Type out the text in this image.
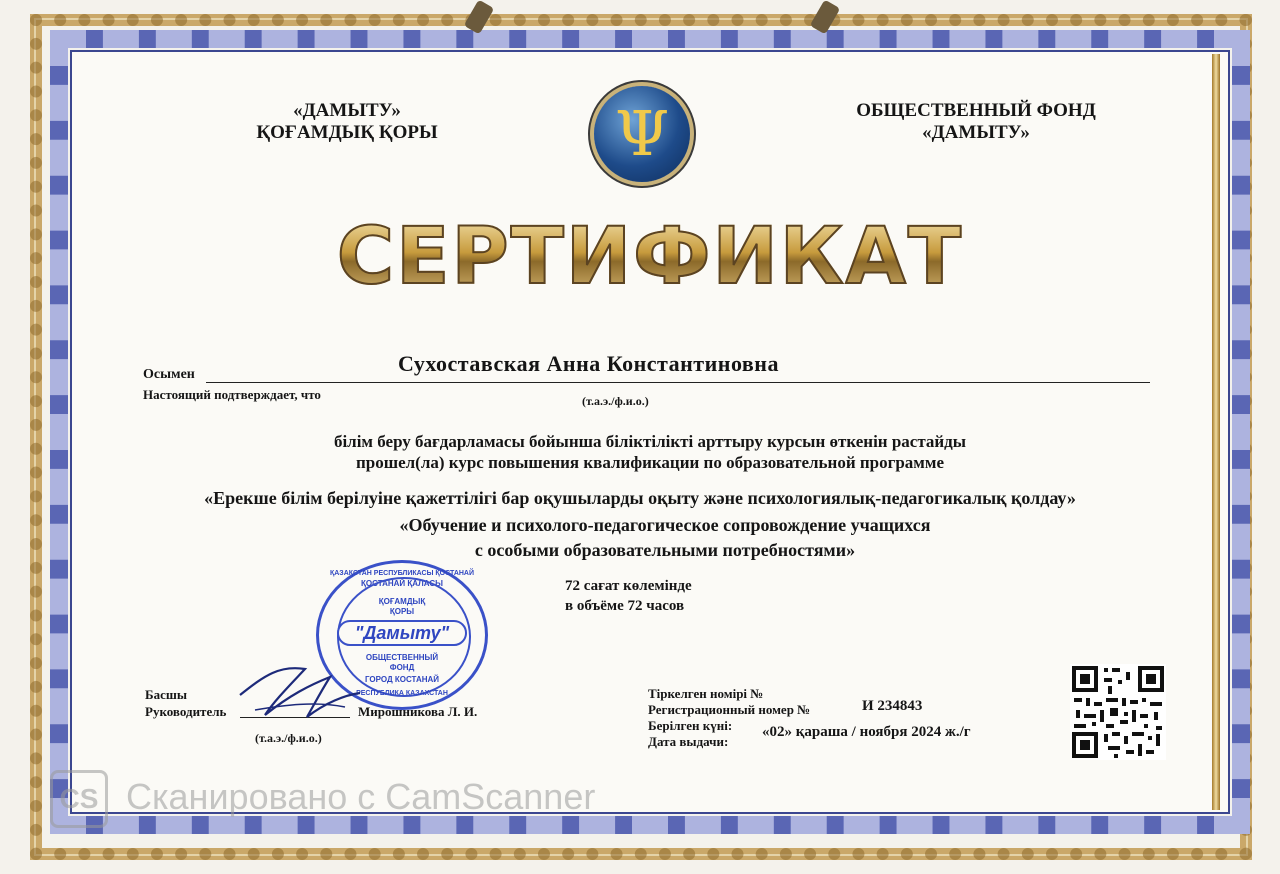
«ДАМЫТУ»
ҚОҒАМДЫҚ ҚОРЫ
ОБЩЕСТВЕННЫЙ ФОНД
«ДАМЫТУ»
Ψ
СЕРТИФИКАТ
Осымен	Сухоставская Анна Константиновна
Настоящий подтверждает, что	(т.а.э./ф.и.о.)
білім беру бағдарламасы бойынша біліктілікті арттыру курсын өткенін растайды
прошел(ла) курс повышения квалификации по образовательной программе
«Ерекше білім берілуіне қажеттілігі бар оқушыларды оқыту және психологиялық-педагогикалық қолдау»
«Обучение и психолого-педагогическое сопровождение учащихся
с особыми образовательными потребностями»
72 сағат көлемінде
в объёме 72 часов
ҚАЗАҚСТАН РЕСПУБЛИКАСЫ ҚОСТАНАЙ
ҚОСТАНАЙ ҚАЛАСЫ
ҚОҒАМДЫҚ
ҚОРЫ
"Дамыту"
ОБЩЕСТВЕННЫЙ
ФОНД
ГОРОД КОСТАНАЙ
РЕСПУБЛИКА КАЗАХСТАН
Басшы
Руководитель	Мирошникова Л. И.
(т.а.э./ф.и.о.)
Тіркелген номірі №
Регистрационный номер №	И 234843
Берілген күні:
Дата выдачи:
«02» қараша / ноября 2024 ж./г
CS Сканировано с CamScanner
